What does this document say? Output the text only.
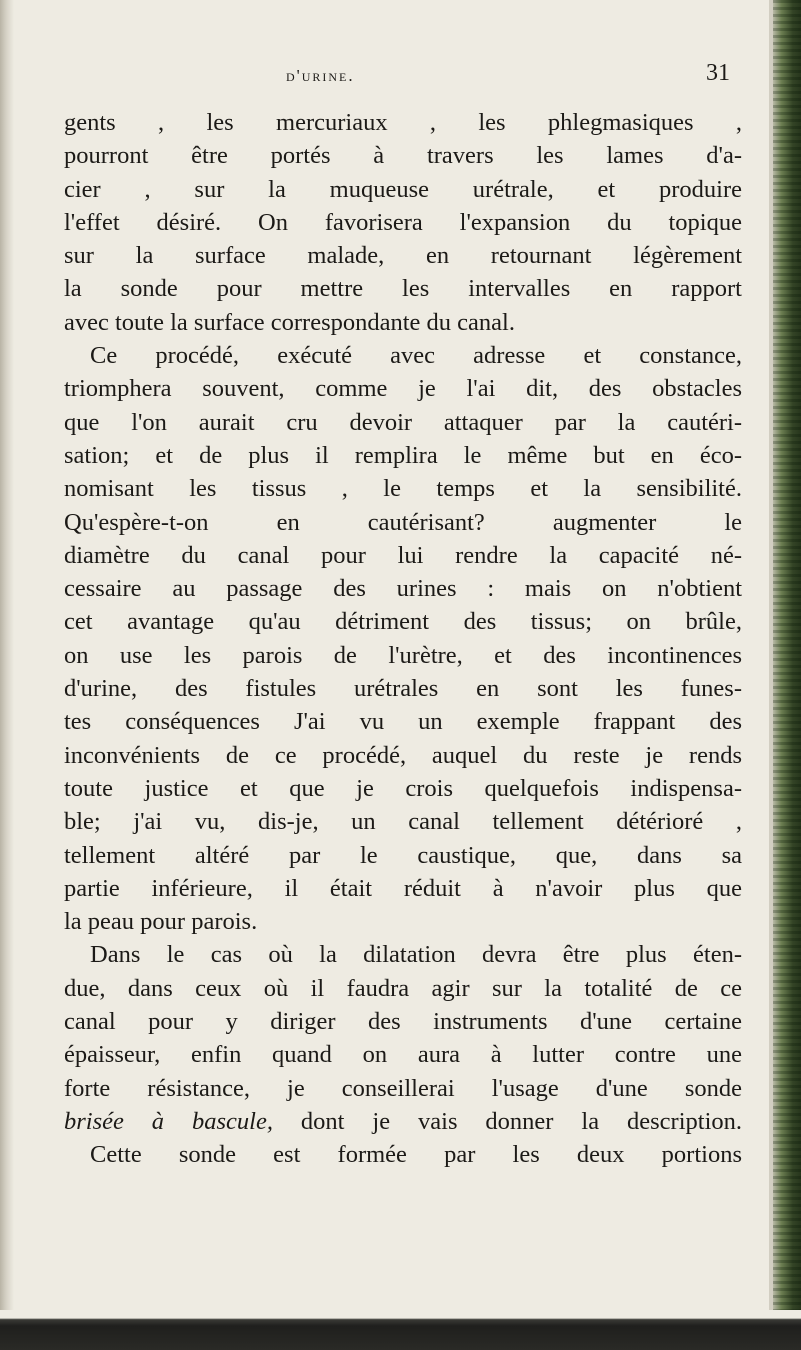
d'urine.	31
gents , les mercuriaux , les phlegmasiques ,
pourront être portés à travers les lames d'a-
cier , sur la muqueuse urétrale, et produire
l'effet désiré. On favorisera l'expansion du topique
sur la surface malade, en retournant légèrement
la sonde pour mettre les intervalles en rapport
avec toute la surface correspondante du canal.
Ce procédé, exécuté avec adresse et constance,
triomphera souvent, comme je l'ai dit, des obstacles
que l'on aurait cru devoir attaquer par la cautéri-
sation; et de plus il remplira le même but en éco-
nomisant les tissus , le temps et la sensibilité.
Qu'espère-t-on en cautérisant? augmenter le
diamètre du canal pour lui rendre la capacité né-
cessaire au passage des urines : mais on n'obtient
cet avantage qu'au détriment des tissus; on brûle,
on use les parois de l'urètre, et des incontinences
d'urine, des fistules urétrales en sont les funes-
tes conséquences J'ai vu un exemple frappant des
inconvénients de ce procédé, auquel du reste je rends
toute justice et que je crois quelquefois indispensa-
ble; j'ai vu, dis-je, un canal tellement détérioré ,
tellement altéré par le caustique, que, dans sa
partie inférieure, il était réduit à n'avoir plus que
la peau pour parois.
Dans le cas où la dilatation devra être plus éten-
due, dans ceux où il faudra agir sur la totalité de ce
canal pour y diriger des instruments d'une certaine
épaisseur, enfin quand on aura à lutter contre une
forte résistance, je conseillerai l'usage d'une sonde
brisée à bascule, dont je vais donner la description.
Cette sonde est formée par les deux portions
